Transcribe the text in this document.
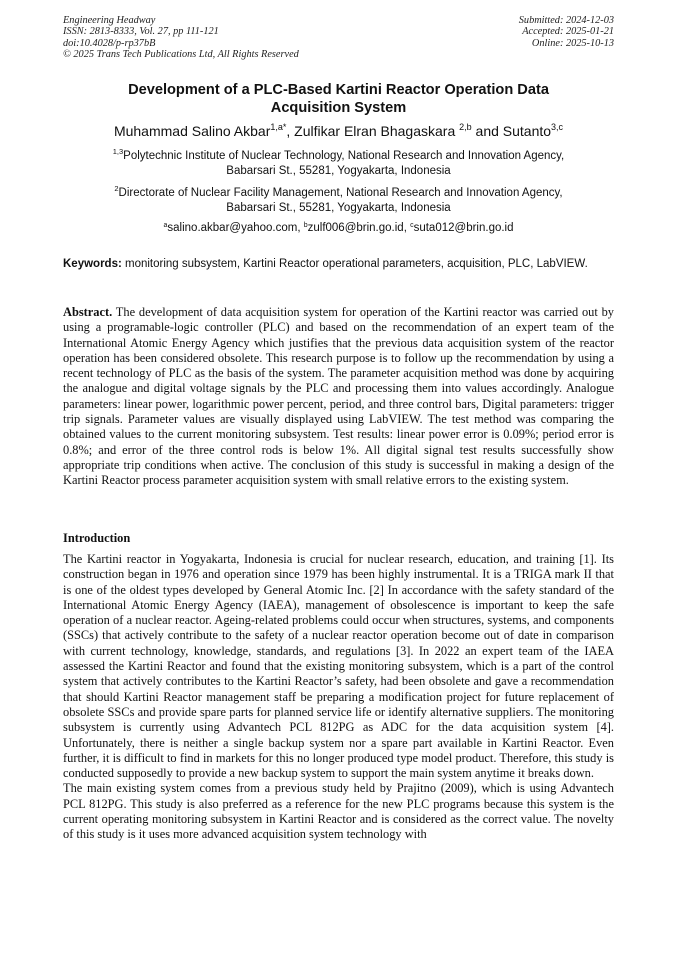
Engineering Headway
ISSN: 2813-8333, Vol. 27, pp 111-121
doi:10.4028/p-rp37bB
© 2025 Trans Tech Publications Ltd, All Rights Reserved
Submitted: 2024-12-03
Accepted: 2025-01-21
Online: 2025-10-13
Development of a PLC-Based Kartini Reactor Operation Data
Acquisition System
Muhammad Salino Akbar$^{1,a*}$, Zulfikar Elran Bhagaskara $^{2,b}$ and Sutanto$^{3,c}$
$^{1,3}$Polytechnic Institute of Nuclear Technology, National Research and Innovation Agency,
Babarsari St., 55281, Yogyakarta, Indonesia
$^2$Directorate of Nuclear Facility Management, National Research and Innovation Agency,
Babarsari St., 55281, Yogyakarta, Indonesia
$^a$salino.akbar@yahoo.com, $^b$zulf006@brin.go.id, $^c$suta012@brin.go.id
Keywords: monitoring subsystem, Kartini Reactor operational parameters, acquisition, PLC, LabVIEW.
Abstract. The development of data acquisition system for operation of the Kartini reactor was carried out by using a programable-logic controller (PLC) and based on the recommendation of an expert team of the International Atomic Energy Agency which justifies that the previous data acquisition system of the reactor operation has been considered obsolete. This research purpose is to follow up the recommendation by using a recent technology of PLC as the basis of the system. The parameter acquisition method was done by acquiring the analogue and digital voltage signals by the PLC and processing them into values accordingly. Analogue parameters: linear power, logarithmic power percent, period, and three control bars, Digital parameters: trigger trip signals. Parameter values are visually displayed using LabVIEW. The test method was comparing the obtained values to the current monitoring subsystem. Test results: linear power error is 0.09%; period error is 0.8%; and error of the three control rods is below 1%. All digital signal test results successfully show appropriate trip conditions when active. The conclusion of this study is successful in making a design of the Kartini Reactor process parameter acquisition system with small relative errors to the existing system.
Introduction

The Kartini reactor in Yogyakarta, Indonesia is crucial for nuclear research, education, and training [1]. Its construction began in 1976 and operation since 1979 has been highly instrumental. It is a TRIGA mark II that is one of the oldest types developed by General Atomic Inc. [2] In accordance with the safety standard of the International Atomic Energy Agency (IAEA), management of obsolescence is important to keep the safe operation of a nuclear reactor. Ageing-related problems could occur when structures, systems, and components (SSCs) that actively contribute to the safety of a nuclear reactor operation become out of date in comparison with current technology, knowledge, standards, and regulations [3]. In 2022 an expert team of the IAEA assessed the Kartini Reactor and found that the existing monitoring subsystem, which is a part of the control system that actively contributes to the Kartini Reactor’s safety, had been obsolete and gave a recommendation that should Kartini Reactor management staff be preparing a modification project for future replacement of obsolete SSCs and provide spare parts for planned service life or identify alternative suppliers. The monitoring subsystem is currently using Advantech PCL 812PG as ADC for the data acquisition system [4]. Unfortunately, there is neither a single backup system nor a spare part available in Kartini Reactor. Even further, it is difficult to find in markets for this no longer produced type model product. Therefore, this study is conducted supposedly to provide a new backup system to support the main system anytime it breaks down.

The main existing system comes from a previous study held by Prajitno (2009), which is using Advantech PCL 812PG. This study is also preferred as a reference for the new PLC programs because this system is the current operating monitoring subsystem in Kartini Reactor and is considered as the correct value. The novelty of this study is it uses more advanced acquisition system technology with
